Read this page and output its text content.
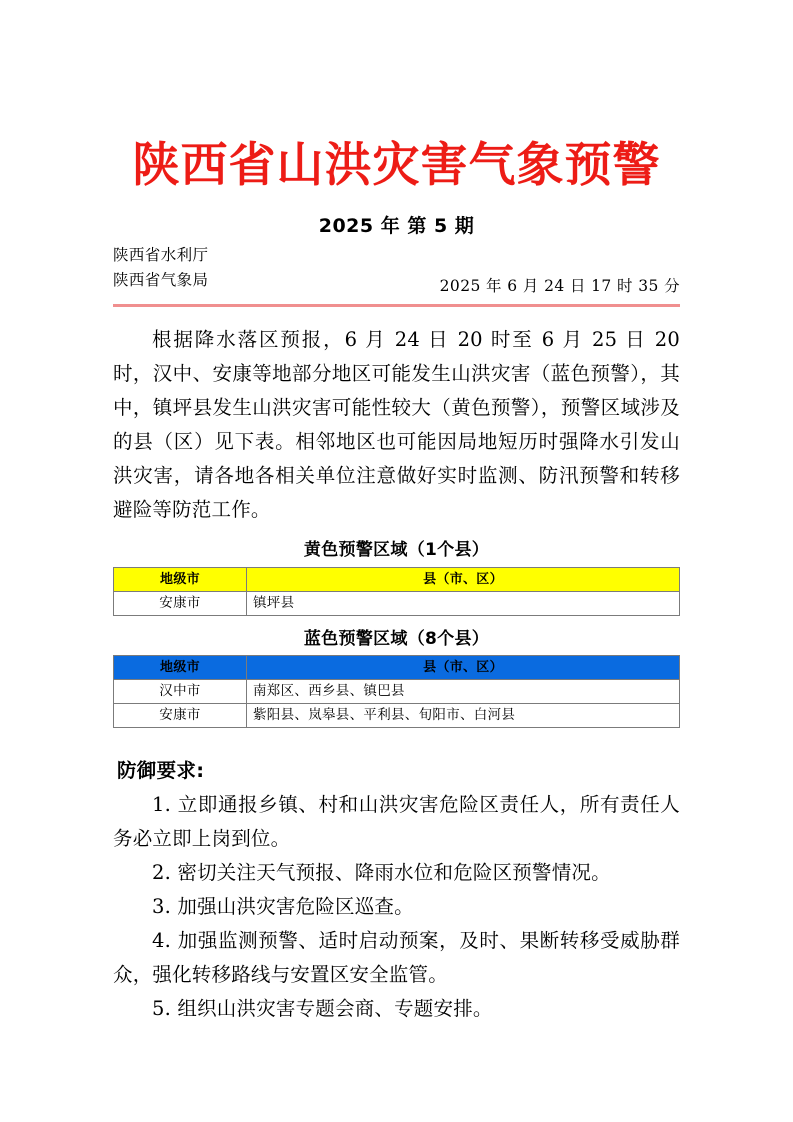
陕西省山洪灾害气象预警

2025 年 第 5 期

陕西省水利厅
陕西省气象局	2025 年 6 月 24 日 17 时 35 分

根据降水落区预报，6 月 24 日 20 时至 6 月 25 日 20 时，汉中、安康等地部分地区可能发生山洪灾害（蓝色预警），其中，镇坪县发生山洪灾害可能性较大（黄色预警），预警区域涉及的县（区）见下表。相邻地区也可能因局地短历时强降水引发山洪灾害，请各地各相关单位注意做好实时监测、防汛预警和转移避险等防范工作。

黄色预警区域（1个县）

地级市	县（市、区）
安康市	镇坪县

蓝色预警区域（8个县）

地级市	县（市、区）
汉中市	南郑区、西乡县、镇巴县
安康市	紫阳县、岚皋县、平利县、旬阳市、白河县

防御要求:

1. 立即通报乡镇、村和山洪灾害危险区责任人，所有责任人务必立即上岗到位。

2. 密切关注天气预报、降雨水位和危险区预警情况。

3. 加强山洪灾害危险区巡查。

4. 加强监测预警、适时启动预案，及时、果断转移受威胁群众，强化转移路线与安置区安全监管。

5. 组织山洪灾害专题会商、专题安排。
